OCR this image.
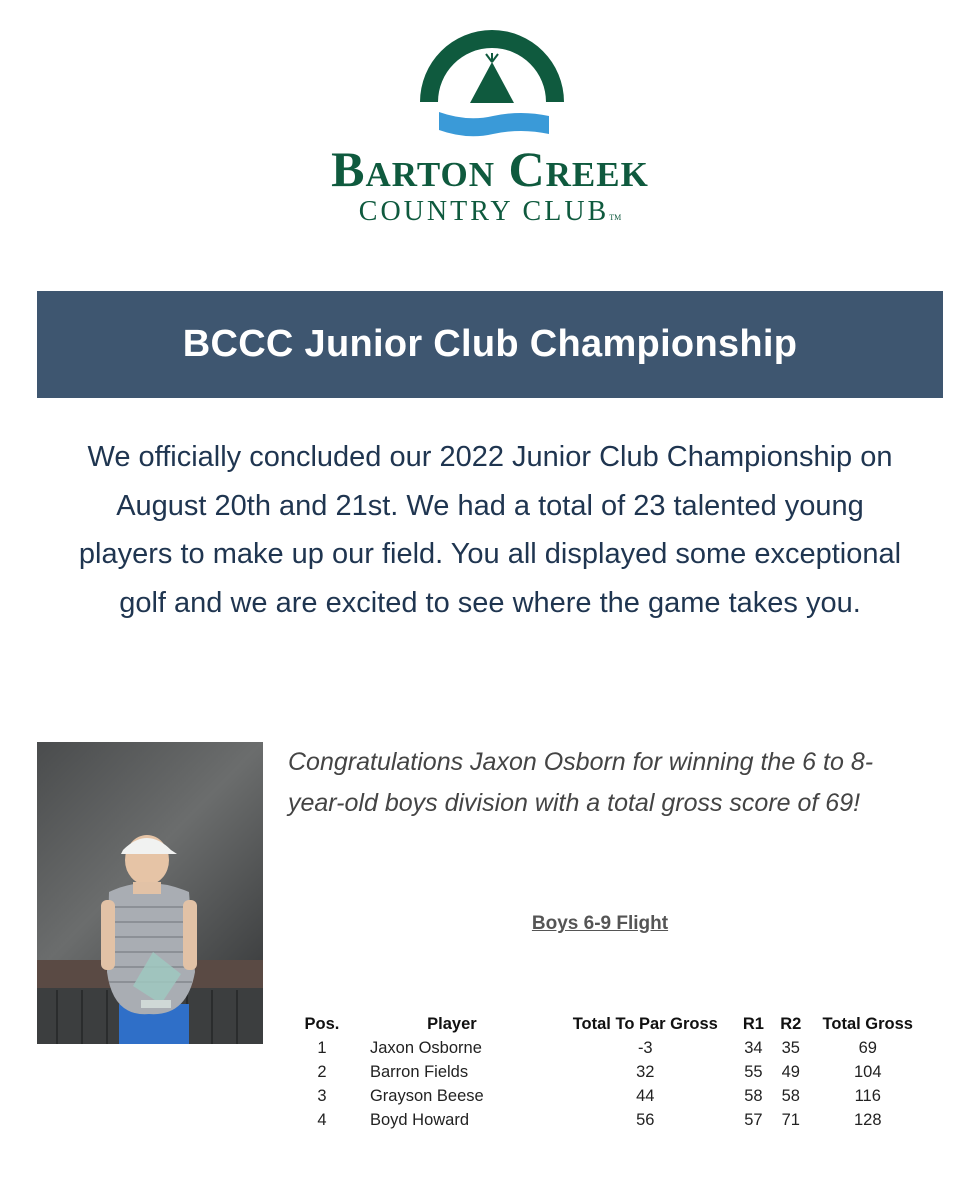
Barton Creek
COUNTRY CLUBTM
BCCC Junior Club Championship

We officially concluded our 2022 Junior Club Championship on August 20th and 21st. We had a total of 23 talented young players to make up our field. You all displayed some exceptional golf and we are excited to see where the game takes you.

Congratulations Jaxon Osborn for winning the 6 to 8-year-old boys division with a total gross score of 69!

Boys 6-9 Flight
Pos.	Player	Total To Par Gross	R1	R2	Total Gross
1	Jaxon Osborne	-3	34	35	69
2	Barron Fields	32	55	49	104
3	Grayson Beese	44	58	58	116
4	Boyd Howard	56	57	71	128
